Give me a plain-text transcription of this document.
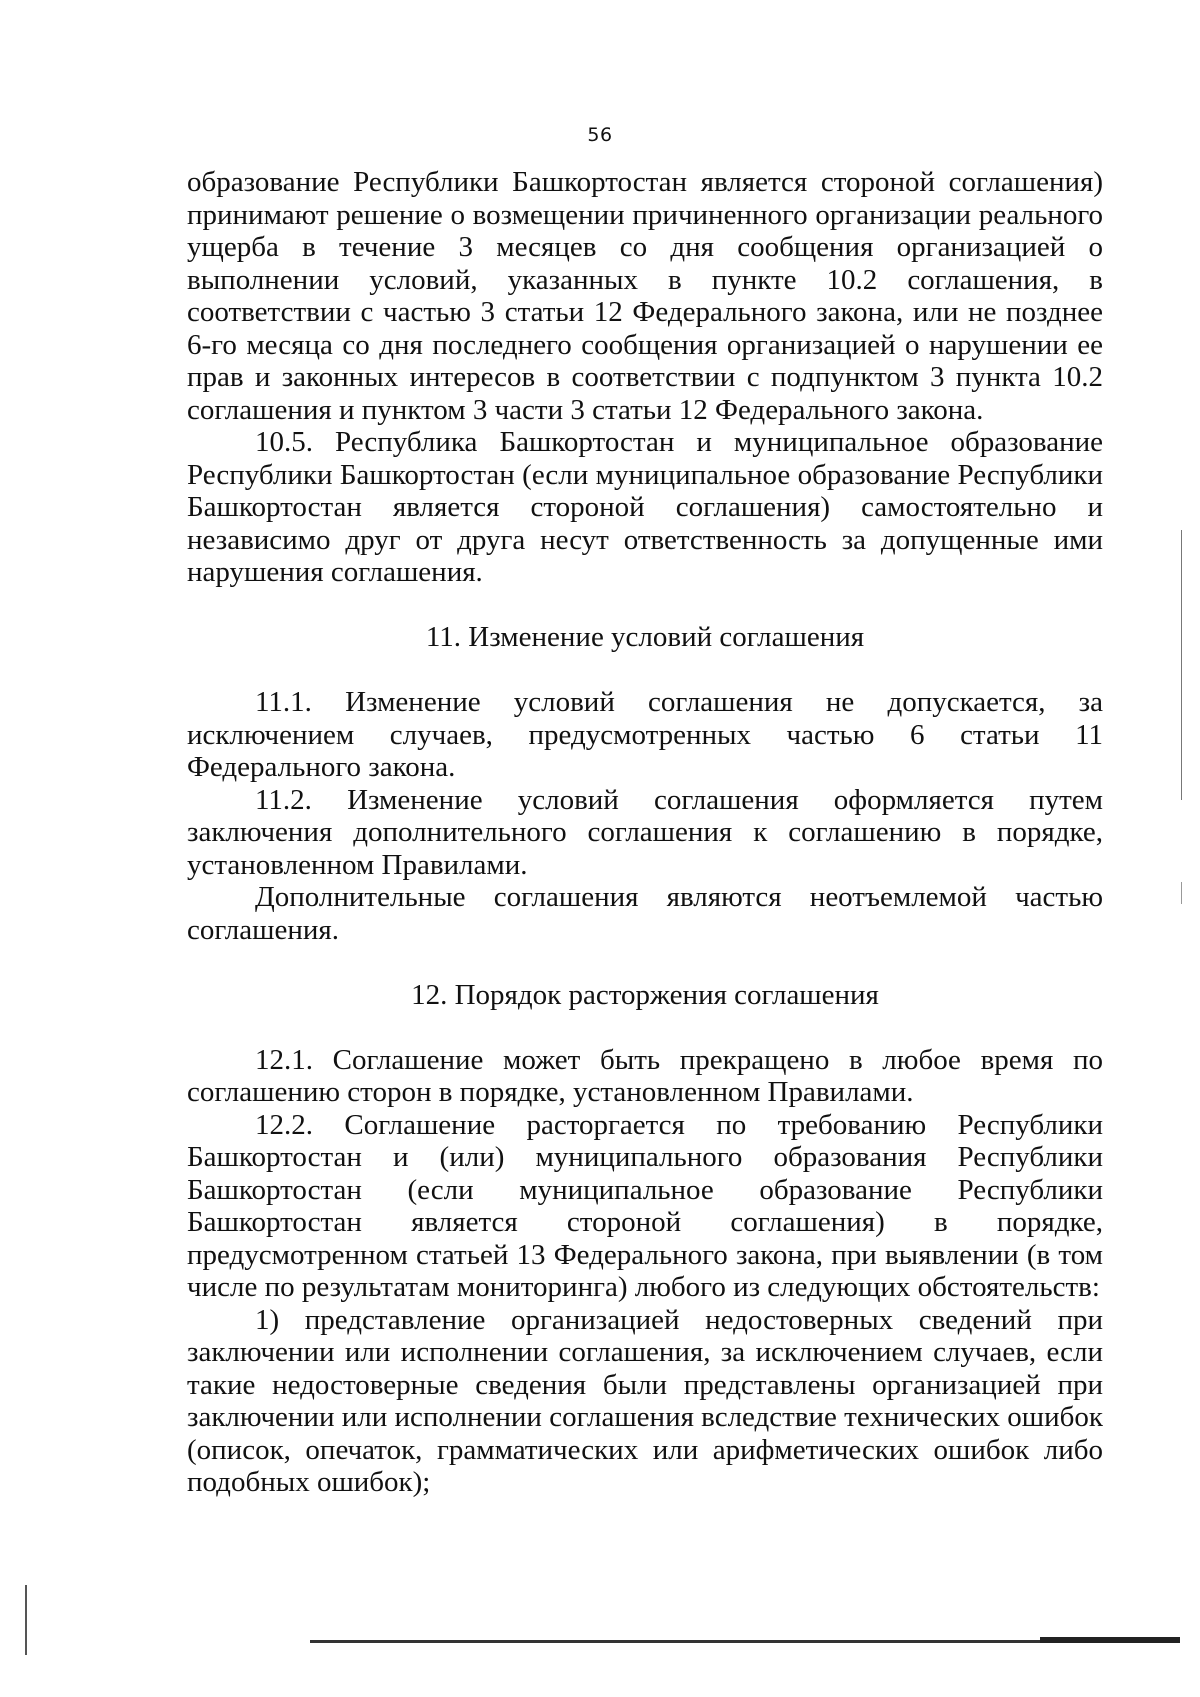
56

образование Республики Башкортостан является стороной соглашения) принимают решение о возмещении причиненного организации реального ущерба в течение 3 месяцев со дня сообщения организацией о выполнении условий, указанных в пункте 10.2 соглашения, в соответствии с частью 3 статьи 12 Федерального закона, или не позднее 6-го месяца со дня последнего сообщения организацией о нарушении ее прав и законных интересов в соответствии с подпунктом 3 пункта 10.2 соглашения и пунктом 3 части 3 статьи 12 Федерального закона.

10.5. Республика Башкортостан и муниципальное образование Республики Башкортостан (если муниципальное образование Республики Башкортостан является стороной соглашения) самостоятельно и независимо друг от друга несут ответственность за допущенные ими нарушения соглашения.

11. Изменение условий соглашения

11.1. Изменение условий соглашения не допускается, за исключением случаев, предусмотренных частью 6 статьи 11 Федерального закона.

11.2. Изменение условий соглашения оформляется путем заключения дополнительного соглашения к соглашению в порядке, установленном Правилами.

Дополнительные соглашения являются неотъемлемой частью соглашения.

12. Порядок расторжения соглашения

12.1. Соглашение может быть прекращено в любое время по соглашению сторон в порядке, установленном Правилами.

12.2. Соглашение расторгается по требованию Республики Башкортостан и (или) муниципального образования Республики Башкортостан (если муниципальное образование Республики Башкортостан является стороной соглашения) в порядке, предусмотренном статьей 13 Федерального закона, при выявлении (в том числе по результатам мониторинга) любого из следующих обстоятельств:

1) представление организацией недостоверных сведений при заключении или исполнении соглашения, за исключением случаев, если такие недостоверные сведения были представлены организацией при заключении или исполнении соглашения вследствие технических ошибок (описок, опечаток, грамматических или арифметических ошибок либо подобных ошибок);
